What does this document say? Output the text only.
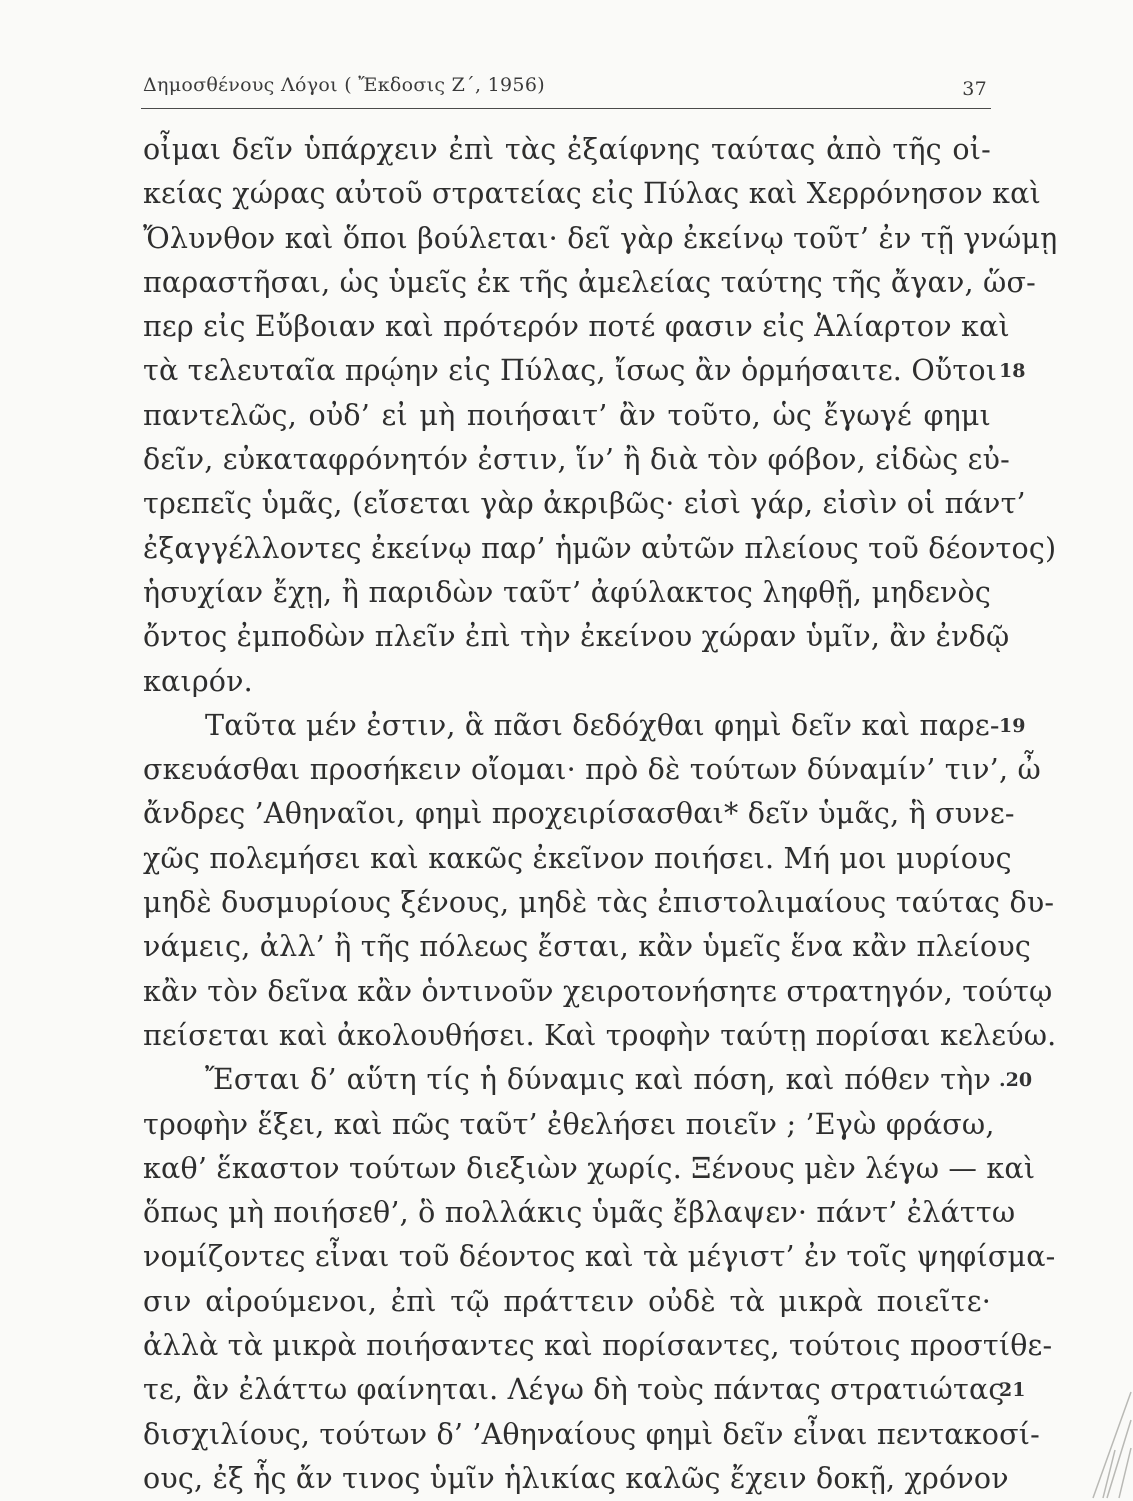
Δημοσθένους Λόγοι ( Ἔκδοσις Ζ΄, 1956)	37
οἶμαι δεῖν ὑπάρχειν ἐπὶ τὰς ἐξαίφνης ταύτας ἀπὸ τῆς οἰ-
κείας χώρας αὐτοῦ στρατείας εἰς Πύλας καὶ Χερρόνησον καὶ
Ὄλυνθον καὶ ὅποι βούλεται· δεῖ γὰρ ἐκείνῳ τοῦτ’ ἐν τῇ γνώμῃ
παραστῆσαι, ὡς ὑμεῖς ἐκ τῆς ἀμελείας ταύτης τῆς ἄγαν, ὥσ-
περ εἰς Εὔβοιαν καὶ πρότερόν ποτέ φασιν εἰς Ἁλίαρτον καὶ
τὰ τελευταῖα πρῴην εἰς Πύλας, ἴσως ἂν ὁρμήσαιτε. Οὔτοι 18
παντελῶς, οὐδ’ εἰ μὴ ποιήσαιτ’ ἂν τοῦτο, ὡς ἔγωγέ φημι
δεῖν, εὐκαταφρόνητόν ἐστιν, ἵν’ ἢ διὰ τὸν φόβον, εἰδὼς εὐ-
τρεπεῖς ὑμᾶς, (εἴσεται γὰρ ἀκριβῶς· εἰσὶ γάρ, εἰσὶν οἱ πάντ’
ἐξαγγέλλοντες ἐκείνῳ παρ’ ἡμῶν αὐτῶν πλείους τοῦ δέοντος)
ἡσυχίαν ἔχῃ, ἢ παριδὼν ταῦτ’ ἀφύλακτος ληφθῇ, μηδενὸς
ὄντος ἐμποδὼν πλεῖν ἐπὶ τὴν ἐκείνου χώραν ὑμῖν, ἂν ἐνδῷ
καιρόν.
Ταῦτα μέν ἐστιν, ἃ πᾶσι δεδόχθαι φημὶ δεῖν καὶ παρε- 19
σκευάσθαι προσήκειν οἴομαι· πρὸ δὲ τούτων δύναμίν’ τιν’, ὦ
ἄνδρες ’Αθηναῖοι, φημὶ προχειρίσασθαι* δεῖν ὑμᾶς, ἣ συνε-
χῶς πολεμήσει καὶ κακῶς ἐκεῖνον ποιήσει. Μή μοι μυρίους
μηδὲ δυσμυρίους ξένους, μηδὲ τὰς ἐπιστολιμαίους ταύτας δυ-
νάμεις, ἀλλ’ ἢ τῆς πόλεως ἔσται, κἂν ὑμεῖς ἕνα κἂν πλείους
κἂν τὸν δεῖνα κἂν ὁντινοῦν χειροτονήσητε στρατηγόν, τούτῳ
πείσεται καὶ ἀκολουθήσει. Καὶ τροφὴν ταύτῃ πορίσαι κελεύω.
Ἔσται δ’ αὕτη τίς ἡ δύναμις καὶ πόση, καὶ πόθεν τὴν .20
τροφὴν ἕξει, καὶ πῶς ταῦτ’ ἐθελήσει ποιεῖν ; ’Εγὼ φράσω,
καθ’ ἕκαστον τούτων διεξιὼν χωρίς. Ξένους μὲν λέγω — καὶ
ὅπως μὴ ποιήσεθ’, ὃ πολλάκις ὑμᾶς ἔβλαψεν· πάντ’ ἐλάττω
νομίζοντες εἶναι τοῦ δέοντος καὶ τὰ μέγιστ’ ἐν τοῖς ψηφίσμα-
σιν αἱρούμενοι, ἐπὶ τῷ πράττειν οὐδὲ τὰ μικρὰ ποιεῖτε·
ἀλλὰ τὰ μικρὰ ποιήσαντες καὶ πορίσαντες, τούτοις προστίθε-
τε, ἂν ἐλάττω φαίνηται. Λέγω δὴ τοὺς πάντας στρατιώτας
21
δισχιλίους, τούτων δ’ ’Αθηναίους φημὶ δεῖν εἶναι πεντακοσί-
ους, ἐξ ἧς ἄν τινος ὑμῖν ἡλικίας καλῶς ἔχειν δοκῇ, χρόνον
